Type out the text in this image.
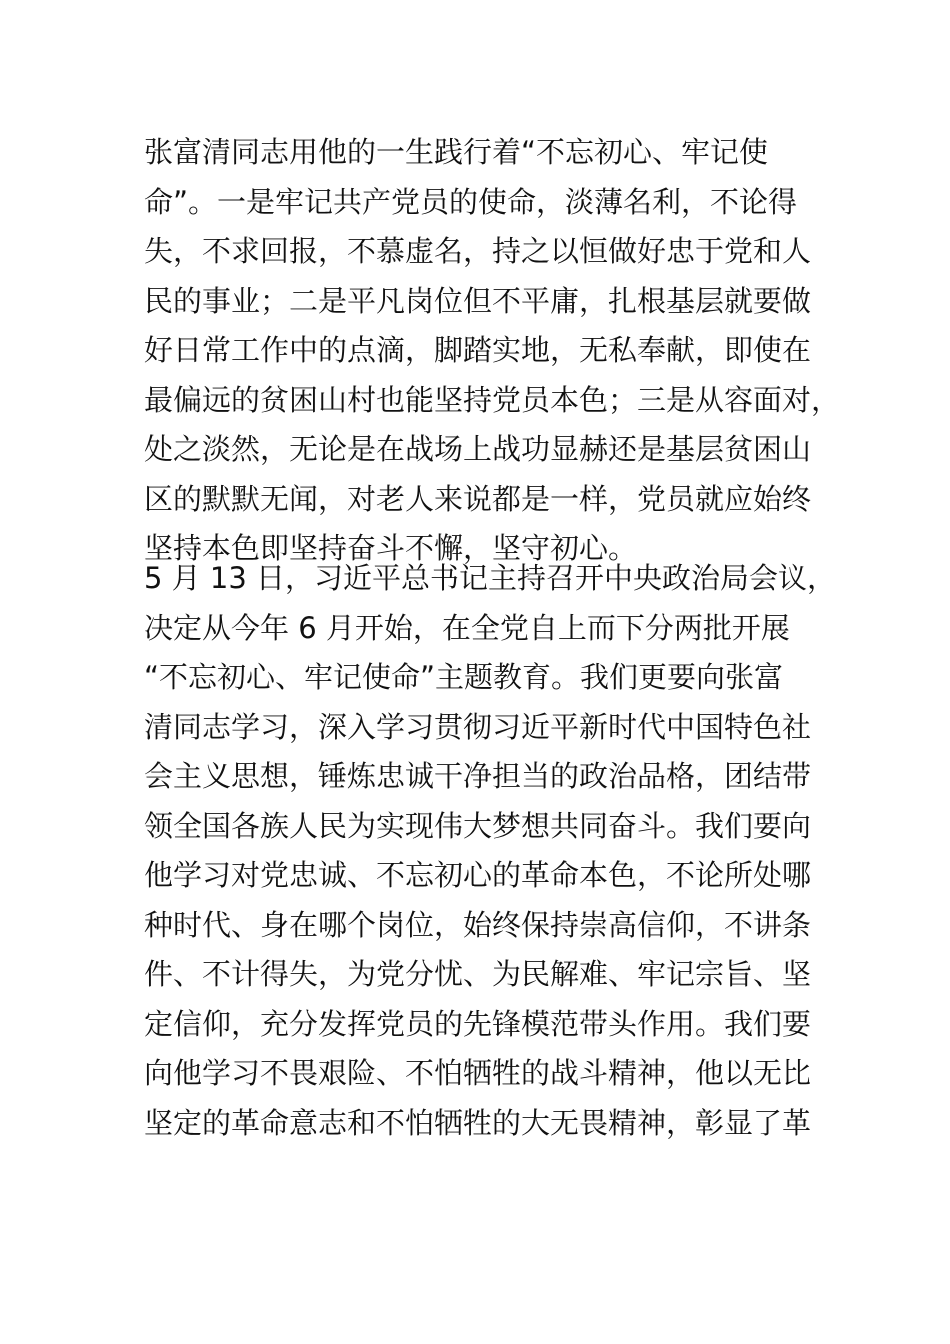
张富清同志用他的一生践行着“不忘初心、牢记使
命”。一是牢记共产党员的使命，淡薄名利，不论得
失，不求回报，不慕虚名，持之以恒做好忠于党和人
民的事业；二是平凡岗位但不平庸，扎根基层就要做
好日常工作中的点滴，脚踏实地，无私奉献，即使在
最偏远的贫困山村也能坚持党员本色；三是从容面对，
处之淡然，无论是在战场上战功显赫还是基层贫困山
区的默默无闻，对老人来说都是一样，党员就应始终
坚持本色即坚持奋斗不懈，坚守初心。
5 月 13 日，习近平总书记主持召开中央政治局会议，
决定从今年 6 月开始，在全党自上而下分两批开展
“不忘初心、牢记使命”主题教育。我们更要向张富
清同志学习，深入学习贯彻习近平新时代中国特色社
会主义思想，锤炼忠诚干净担当的政治品格，团结带
领全国各族人民为实现伟大梦想共同奋斗。我们要向
他学习对党忠诚、不忘初心的革命本色，不论所处哪
种时代、身在哪个岗位，始终保持崇高信仰，不讲条
件、不计得失，为党分忧、为民解难、牢记宗旨、坚
定信仰，充分发挥党员的先锋模范带头作用。我们要
向他学习不畏艰险、不怕牺牲的战斗精神，他以无比
坚定的革命意志和不怕牺牲的大无畏精神，彰显了革
